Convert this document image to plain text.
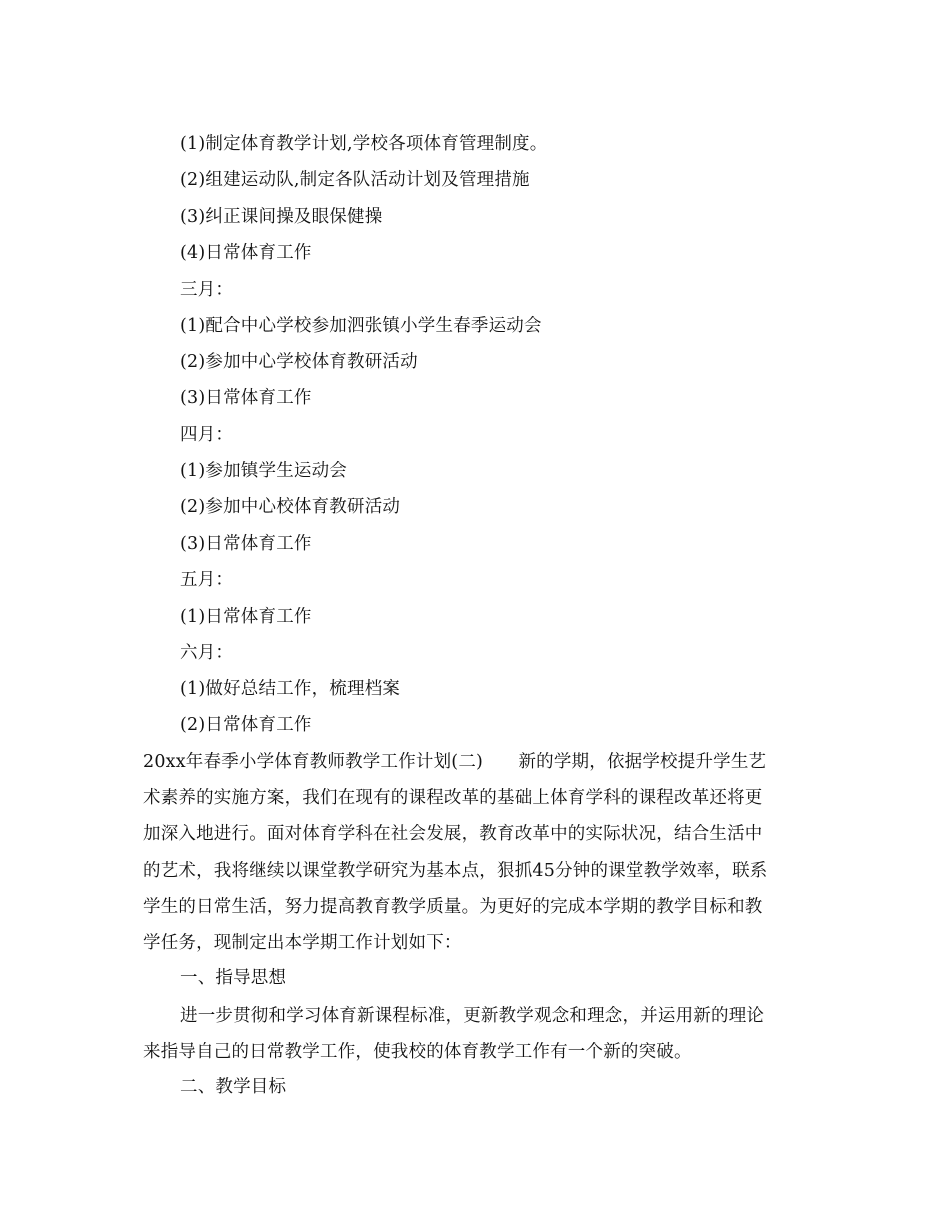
(1)制定体育教学计划,学校各项体育管理制度。
(2)组建运动队,制定各队活动计划及管理措施
(3)纠正课间操及眼保健操
(4)日常体育工作
三月：
(1)配合中心学校参加泗张镇小学生春季运动会
(2)参加中心学校体育教研活动
(3)日常体育工作
四月：
(1)参加镇学生运动会
(2)参加中心校体育教研活动
(3)日常体育工作
五月：
(1)日常体育工作
六月：
(1)做好总结工作，梳理档案
(2)日常体育工作
20xx年春季小学体育教师教学工作计划(二)　　新的学期，依据学校提升学生艺
术素养的实施方案，我们在现有的课程改革的基础上体育学科的课程改革还将更
加深入地进行。面对体育学科在社会发展，教育改革中的实际状况，结合生活中
的艺术，我将继续以课堂教学研究为基本点，狠抓45分钟的课堂教学效率，联系
学生的日常生活，努力提高教育教学质量。为更好的完成本学期的教学目标和教
学任务，现制定出本学期工作计划如下：
一、指导思想
进一步贯彻和学习体育新课程标准，更新教学观念和理念，并运用新的理论
来指导自己的日常教学工作，使我校的体育教学工作有一个新的突破。
二、教学目标
